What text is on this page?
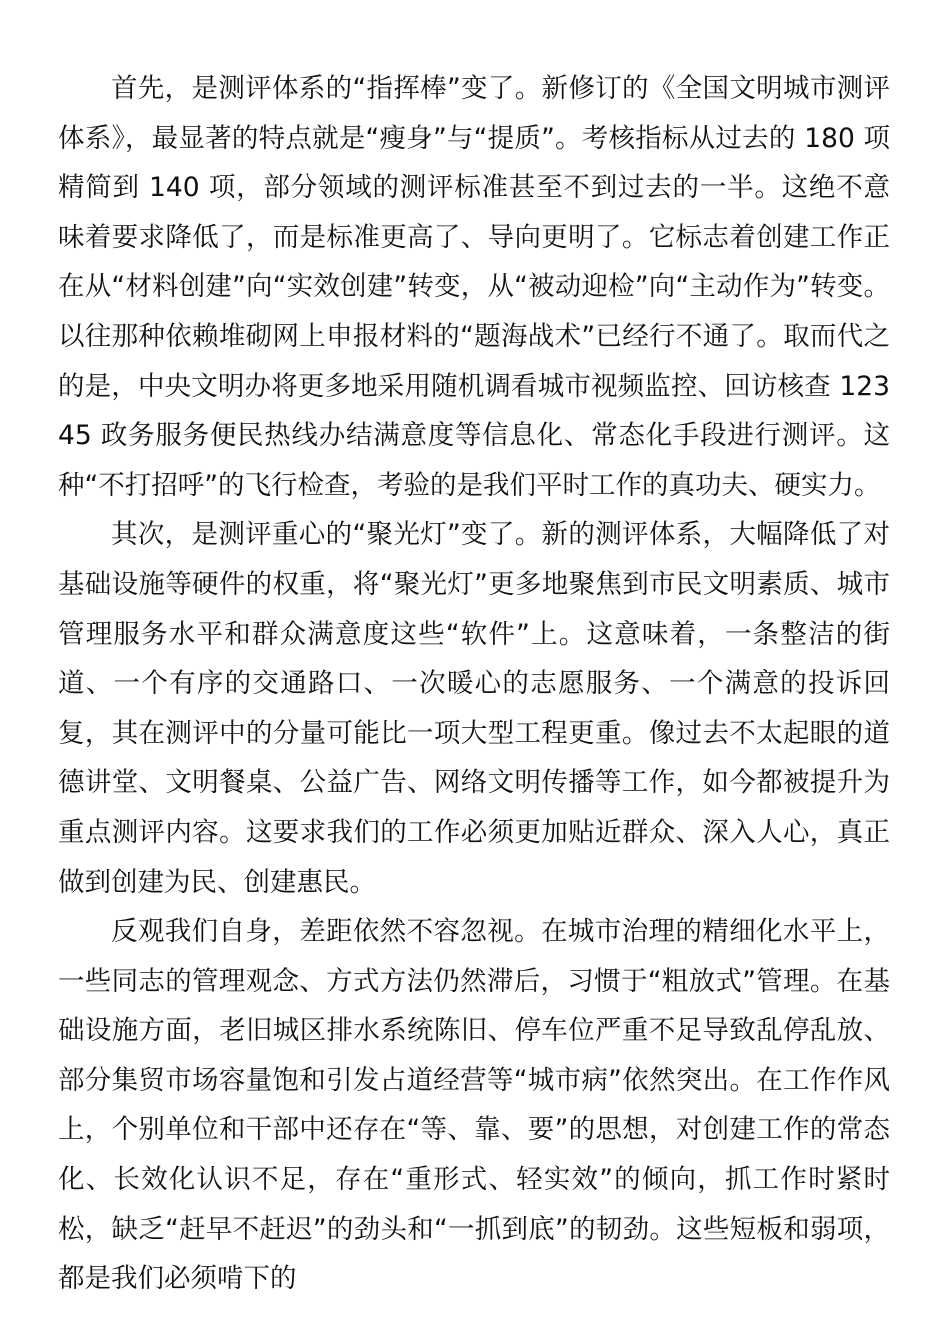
首先，是测评体系的“指挥棒”变了。新修订的《全国文明城市测评体系》，最显著的特点就是“瘦身”与“提质”。考核指标从过去的 180 项精简到 140 项，部分领域的测评标准甚至不到过去的一半。这绝不意味着要求降低了，而是标准更高了、导向更明了。它标志着创建工作正在从“材料创建”向“实效创建”转变，从“被动迎检”向“主动作为”转变。以往那种依赖堆砌网上申报材料的“题海战术”已经行不通了。取而代之的是，中央文明办将更多地采用随机调看城市视频监控、回访核查 12345 政务服务便民热线办结满意度等信息化、常态化手段进行测评。这种“不打招呼”的飞行检查，考验的是我们平时工作的真功夫、硬实力。

其次，是测评重心的“聚光灯”变了。新的测评体系，大幅降低了对基础设施等硬件的权重，将“聚光灯”更多地聚焦到市民文明素质、城市管理服务水平和群众满意度这些“软件”上。这意味着，一条整洁的街道、一个有序的交通路口、一次暖心的志愿服务、一个满意的投诉回复，其在测评中的分量可能比一项大型工程更重。像过去不太起眼的道德讲堂、文明餐桌、公益广告、网络文明传播等工作，如今都被提升为重点测评内容。这要求我们的工作必须更加贴近群众、深入人心，真正做到创建为民、创建惠民。

反观我们自身，差距依然不容忽视。在城市治理的精细化水平上，一些同志的管理观念、方式方法仍然滞后，习惯于“粗放式”管理。在基础设施方面，老旧城区排水系统陈旧、停车位严重不足导致乱停乱放、部分集贸市场容量饱和引发占道经营等“城市病”依然突出。在工作作风上，个别单位和干部中还存在“等、靠、要”的思想，对创建工作的常态化、长效化认识不足，存在“重形式、轻实效”的倾向，抓工作时紧时松，缺乏“赶早不赶迟”的劲头和“一抓到底”的韧劲。这些短板和弱项，都是我们必须啃下的
